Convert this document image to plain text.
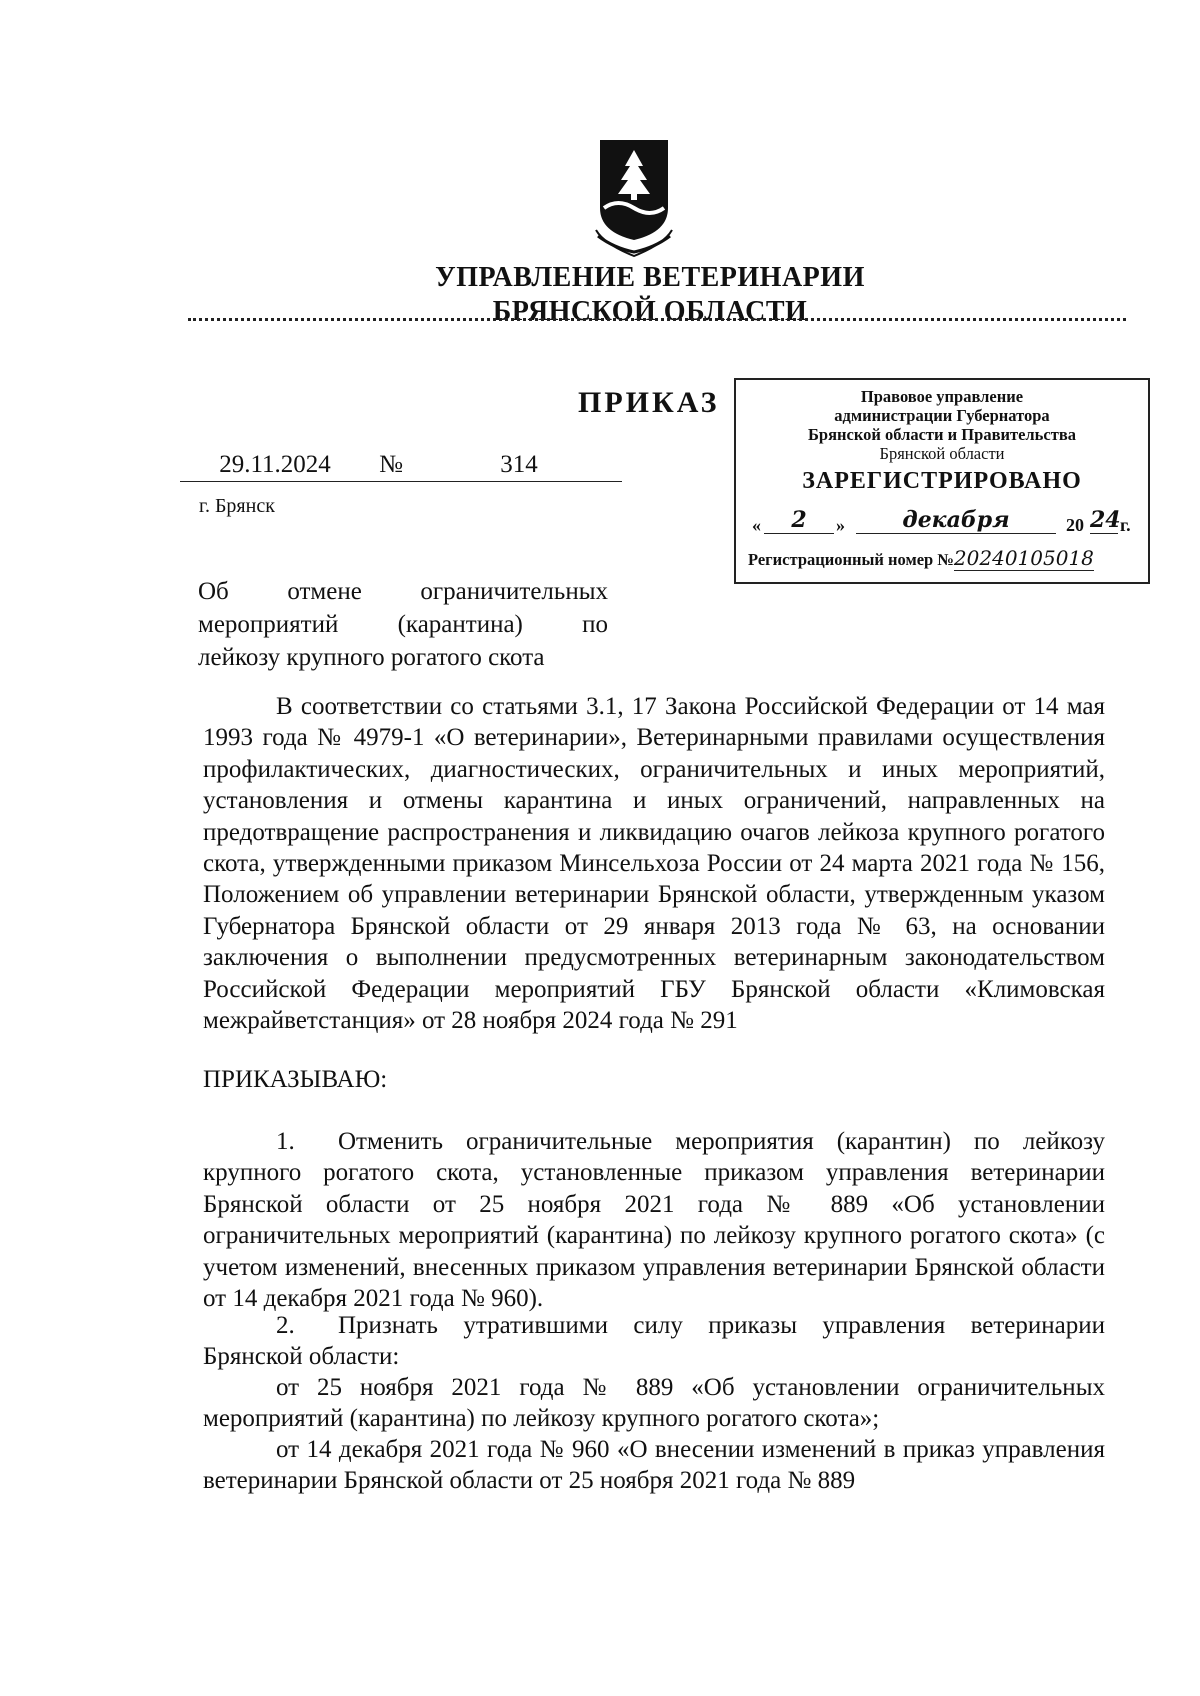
УПРАВЛЕНИЕ ВЕТЕРИНАРИИ
БРЯНСКОЙ ОБЛАСТИ
ПРИКАЗ
29.11.2024	№	314
г. Брянск
Правовое управление
администрации Губернатора
Брянской области и Правительства
Брянской области
ЗАРЕГИСТРИРОВАНО
«	2	»	декабря	20 24 г.
Регистрационный номер №20240105018
Об отмене ограничительных
мероприятий (карантина) по
лейкозу крупного рогатого скота
В соответствии со статьями 3.1, 17 Закона Российской Федерации от 14 мая 1993 года № 4979-1 «О ветеринарии», Ветеринарными правилами осуществления профилактических, диагностических, ограничительных и иных мероприятий, установления и отмены карантина и иных ограничений, направленных на предотвращение распространения и ликвидацию очагов лейкоза крупного рогатого скота, утвержденными приказом Минсельхоза России от 24 марта 2021 года № 156, Положением об управлении ветеринарии Брянской области, утвержденным указом Губернатора Брянской области от 29 января 2013 года № 63, на основании заключения о выполнении предусмотренных ветеринарным законодательством Российской Федерации мероприятий ГБУ Брянской области «Климовская межрайветстанция» от 28 ноября 2024 года № 291
ПРИКАЗЫВАЮ:
1. Отменить ограничительные мероприятия (карантин) по лейкозу крупного рогатого скота, установленные приказом управления ветеринарии Брянской области от 25 ноября 2021 года № 889 «Об установлении ограничительных мероприятий (карантина) по лейкозу крупного рогатого скота» (с учетом изменений, внесенных приказом управления ветеринарии Брянской области от 14 декабря 2021 года № 960).
2. Признать утратившими силу приказы управления ветеринарии Брянской области:
от 25 ноября 2021 года № 889 «Об установлении ограничительных мероприятий (карантина) по лейкозу крупного рогатого скота»;
от 14 декабря 2021 года № 960 «О внесении изменений в приказ управления ветеринарии Брянской области от 25 ноября 2021 года № 889
